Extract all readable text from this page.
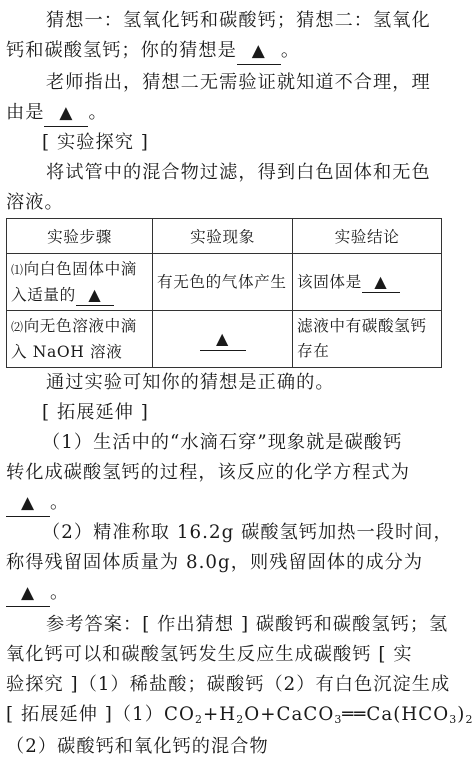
猜想一：氢氧化钙和碳酸钙；猜想二：氢氧化
钙和碳酸氢钙；你的猜想是 ▲ 。
老师指出，猜想二无需验证就知道不合理，理
由是 ▲ 。
[ 实验探究 ]
将试管中的混合物过滤，得到白色固体和无色
溶液。
实验步骤	实验现象	实验结论
⑴向白色固体中滴
入适量的 ▲	有无色的气体产生	该固体是 ▲
⑵向无色溶液中滴
入 NaOH 溶液	▲	滤液中有碳酸氢钙
存在
通过实验可知你的猜想是正确的。
[ 拓展延伸 ]
（1）生活中的“水滴石穿”现象就是碳酸钙
转化成碳酸氢钙的过程，该反应的化学方程式为
▲ 。
（2）精准称取 16.2g 碳酸氢钙加热一段时间，
称得残留固体质量为 8.0g，则残留固体的成分为
▲ 。
参考答案：[ 作出猜想 ] 碳酸钙和碳酸氢钙；氢
氧化钙可以和碳酸氢钙发生反应生成碳酸钙 [ 实
验探究 ]（1）稀盐酸；碳酸钙（2）有白色沉淀生成
[ 拓展延伸 ]$(1)CO_2+H_2O+CaCO_3══Ca(HCO_3)_2$
（2）碳酸钙和氧化钙的混合物
